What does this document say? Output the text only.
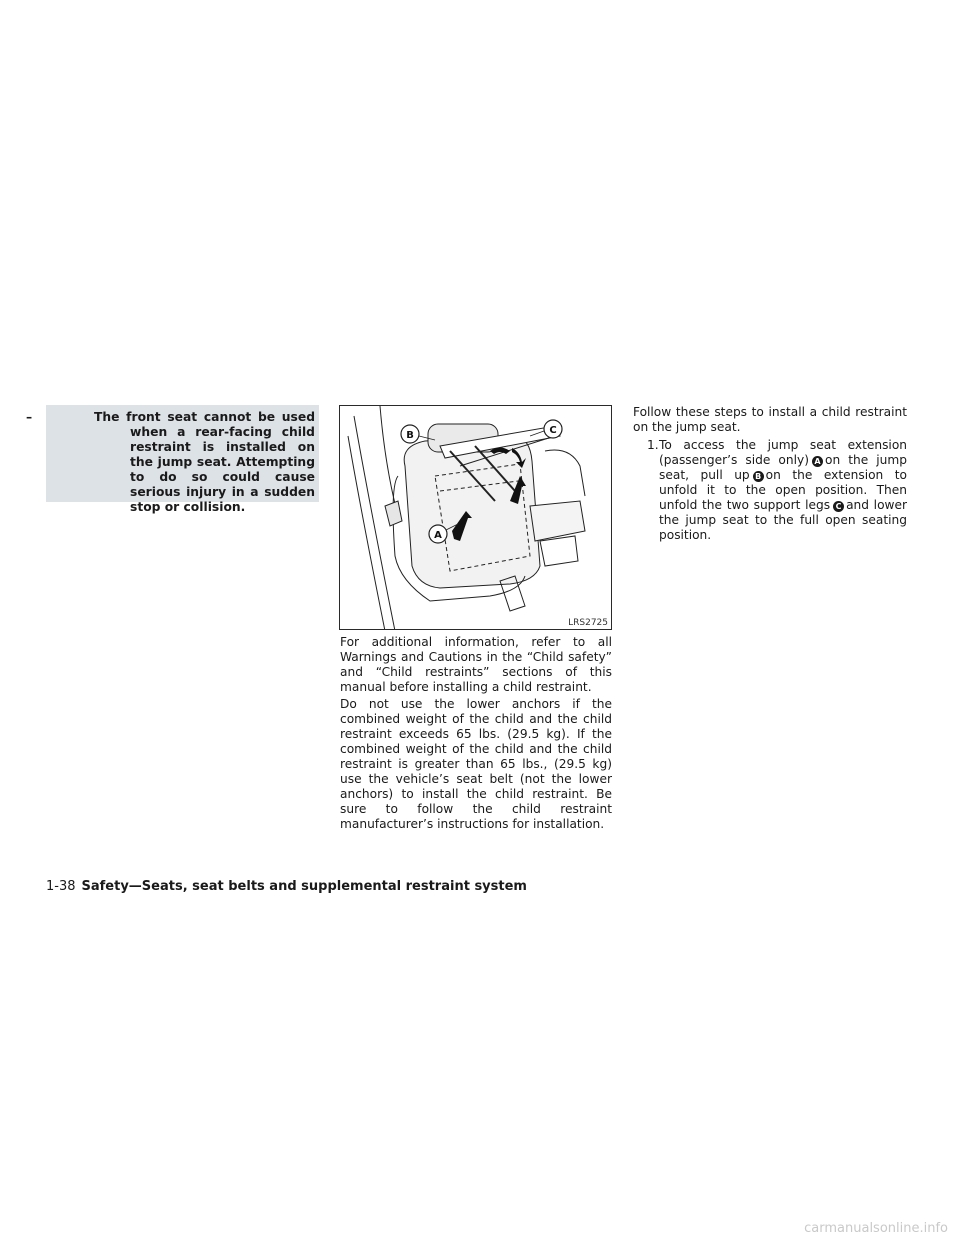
–	The front seat cannot be used when a rear-facing child restraint is installed on the jump seat. Attempting to do so could cause serious injury in a sudden stop or collision.

B	C
A
LRS2725

For additional information, refer to all Warnings and Cautions in the “Child safety” and “Child restraints” sections of this manual before installing a child restraint.

Do not use the lower anchors if the combined weight of the child and the child restraint exceeds 65 lbs. (29.5 kg). If the combined weight of the child and the child restraint is greater than 65 lbs., (29.5 kg) use the vehicle’s seat belt (not the lower anchors) to install the child restraint. Be sure to follow the child restraint manufacturer’s instructions for installation.

Follow these steps to install a child restraint on the jump seat.

1. To access the jump seat extension (passenger’s side only) A on the jump seat, pull up B on the extension to unfold it to the open position. Then unfold the two support legs C and lower the jump seat to the full open seating position.
1-38 Safety—Seats, seat belts and supplemental restraint system
carmanualsonline.info
